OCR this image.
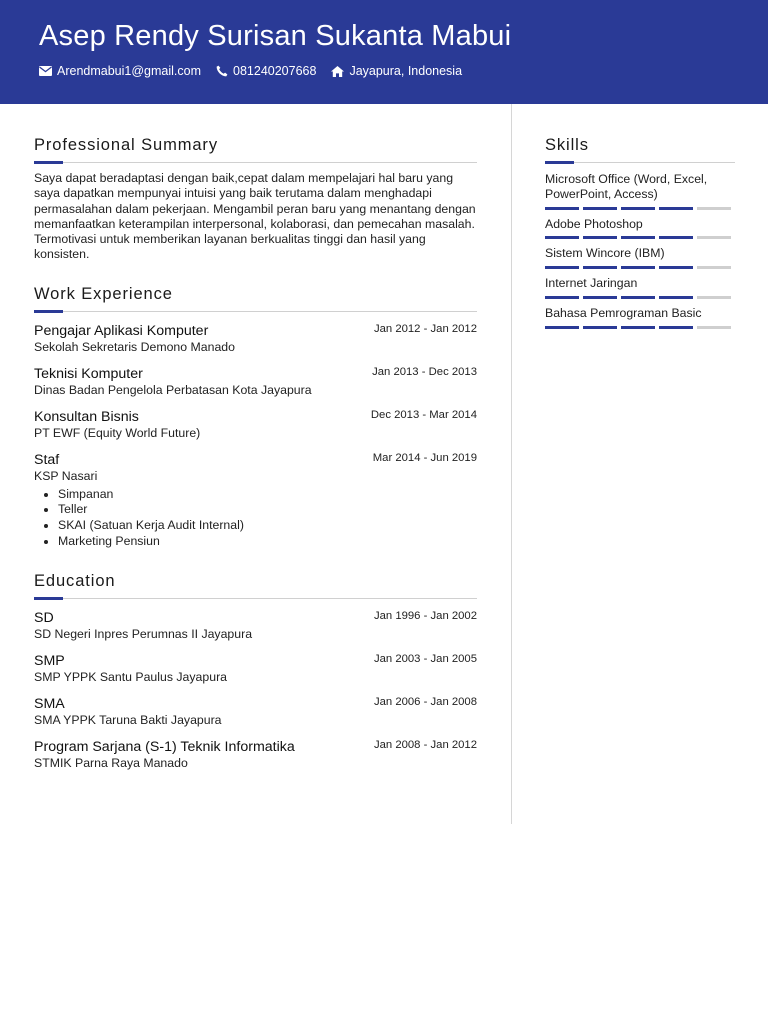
Asep Rendy Surisan Sukanta Mabui
Arendmabui1@gmail.com	081240207668	Jayapura, Indonesia
Professional Summary
Saya dapat beradaptasi dengan baik,cepat dalam mempelajari hal baru yang saya dapatkan mempunyai intuisi yang baik terutama dalam menghadapi permasalahan dalam pekerjaan. Mengambil peran baru yang menantang dengan memanfaatkan keterampilan interpersonal, kolaborasi, dan pemecahan masalah. Termotivasi untuk memberikan layanan berkualitas tinggi dan hasil yang konsisten.
Work Experience
Pengajar Aplikasi Komputer	Jan 2012 - Jan 2012
Sekolah Sekretaris Demono Manado
Teknisi Komputer	Jan 2013 - Dec 2013
Dinas Badan Pengelola Perbatasan Kota Jayapura
Konsultan Bisnis	Dec 2013 - Mar 2014
PT EWF (Equity World Future)
Staf	Mar 2014 - Jun 2019
KSP Nasari
• Simpanan
• Teller
• SKAI (Satuan Kerja Audit Internal)
• Marketing Pensiun
Education
SD	Jan 1996 - Jan 2002
SD Negeri Inpres Perumnas II Jayapura
SMP	Jan 2003 - Jan 2005
SMP YPPK Santu Paulus Jayapura
SMA	Jan 2006 - Jan 2008
SMA YPPK Taruna Bakti Jayapura
Program Sarjana (S-1) Teknik Informatika	Jan 2008 - Jan 2012
STMIK Parna Raya Manado
Skills
Microsoft Office (Word, Excel, PowerPoint, Access)
Adobe Photoshop
Sistem Wincore (IBM)
Internet Jaringan
Bahasa Pemrograman Basic
